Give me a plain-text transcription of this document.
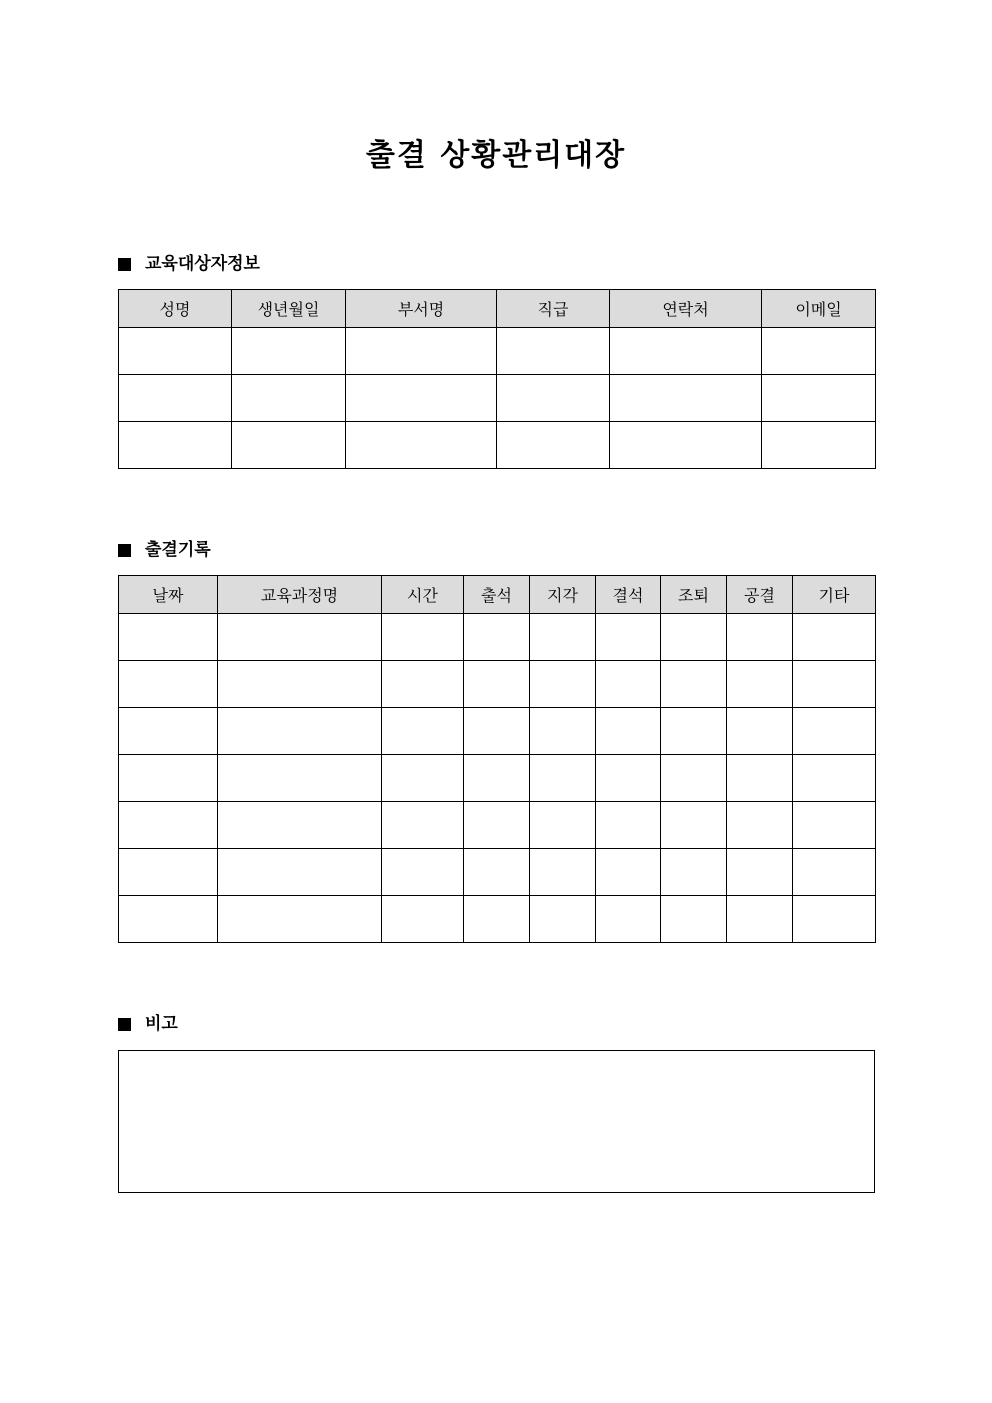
출결 상황관리대장
교육대상자정보
성명	생년월일	부서명	직급	연락처	이메일

출결기록
날짜	교육과정명	시간	출석	지각	결석	조퇴	공결	기타

비고
